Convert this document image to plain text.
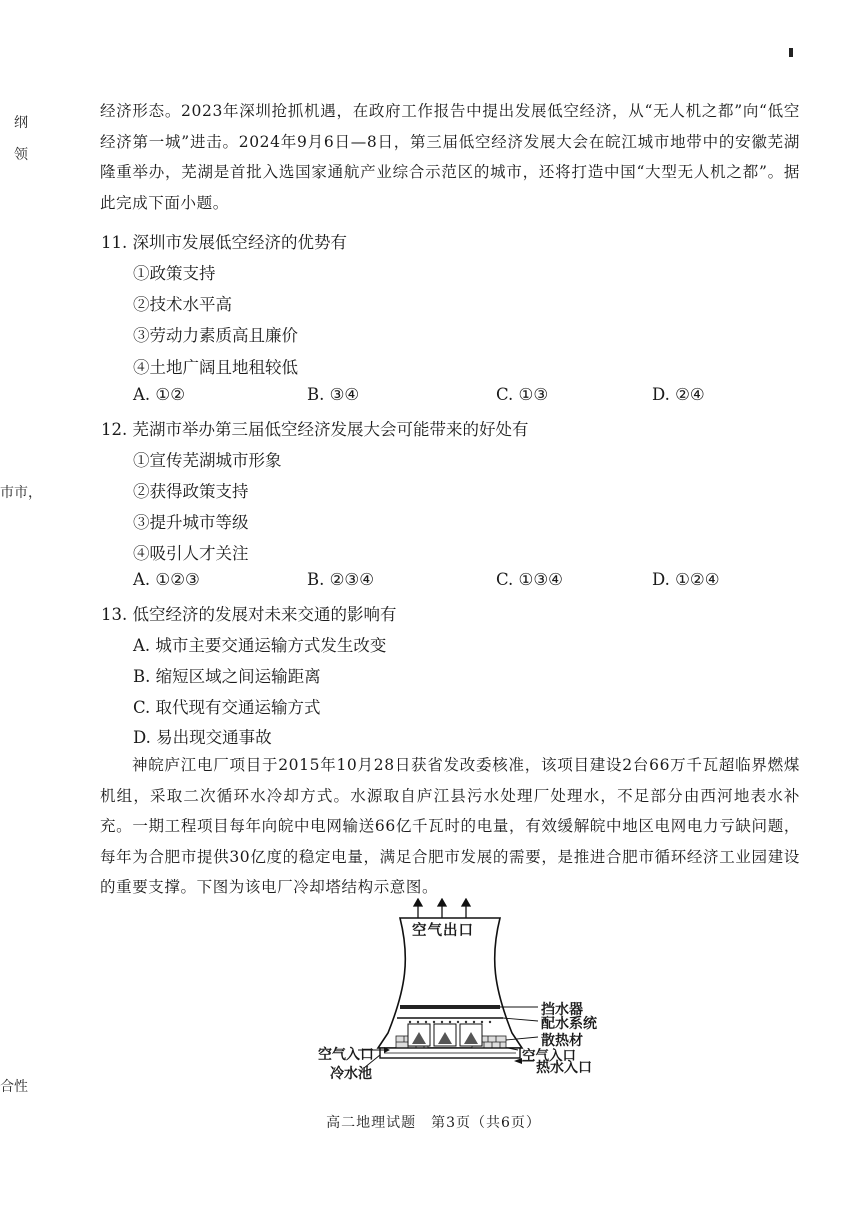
纲
领
巿市，
合性
经济形态。2023年深圳抢抓机遇，在政府工作报告中提出发展低空经济，从“无人机之都”向“低空经济第一城”进击。2024年9月6日—8日，第三届低空经济发展大会在皖江城市地带中的安徽芜湖隆重举办，芜湖是首批入选国家通航产业综合示范区的城市，还将打造中国“大型无人机之都”。据此完成下面小题。
11. 深圳市发展低空经济的优势有
①政策支持
②技术水平高
③劳动力素质高且廉价
④土地广阔且地租较低
A. ①②	B. ③④	C. ①③	D. ②④
12. 芜湖市举办第三届低空经济发展大会可能带来的好处有
①宣传芜湖城市形象
②获得政策支持
③提升城市等级
④吸引人才关注
A. ①②③	B. ②③④	C. ①③④	D. ①②④
13. 低空经济的发展对未来交通的影响有
A. 城市主要交通运输方式发生改变
B. 缩短区域之间运输距离
C. 取代现有交通运输方式
D. 易出现交通事故
神皖庐江电厂项目于2015年10月28日获省发改委核准，该项目建设2台66万千瓦超临界燃煤机组，采取二次循环水冷却方式。水源取自庐江县污水处理厂处理水，不足部分由西河地表水补充。一期工程项目每年向皖中电网输送66亿千瓦时的电量，有效缓解皖中地区电网电力亏缺问题，每年为合肥市提供30亿度的稳定电量，满足合肥市发展的需要，是推进合肥市循环经济工业园建设的重要支撑。下图为该电厂冷却塔结构示意图。
空气出口
挡水器
配水系统
散热材
空气入口
空气入口
热水入口
冷水池
高二地理试题　第3页（共6页）
